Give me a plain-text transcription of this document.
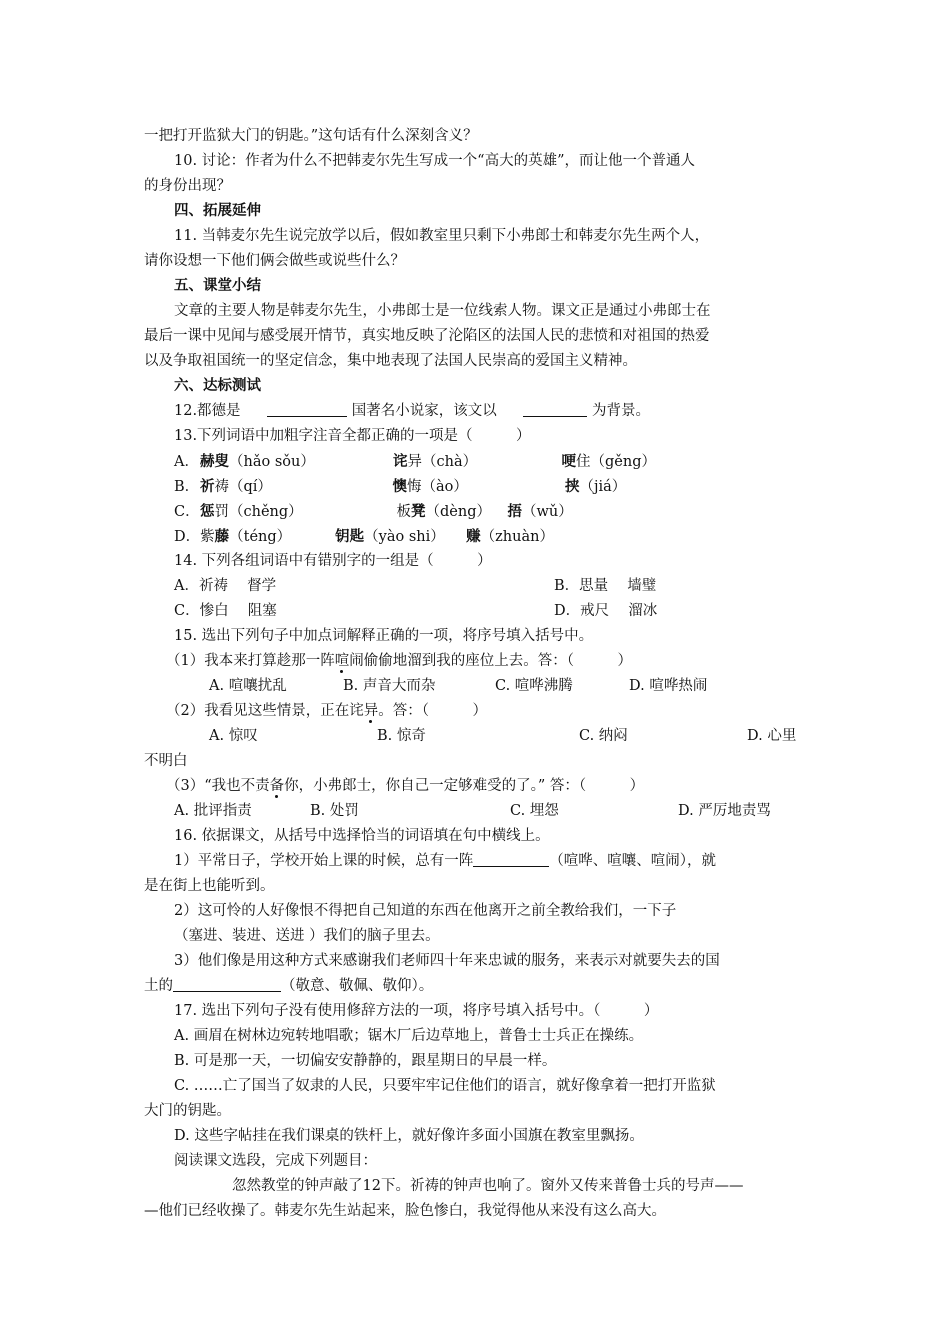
一把打开监狱大门的钥匙。”这句话有什么深刻含义？
10. 讨论：作者为什么不把韩麦尔先生写成一个“高大的英雄”，而让他一个普通人
的身份出现？
四、拓展延伸
11. 当韩麦尔先生说完放学以后，假如教室里只剩下小弗郎士和韩麦尔先生两个人，
请你设想一下他们俩会做些或说些什么？
五、课堂小结
文章的主要人物是韩麦尔先生，小弗郎士是一位线索人物。课文正是通过小弗郎士在
最后一课中见闻与感受展开情节，真实地反映了沦陷区的法国人民的悲愤和对祖国的热爱
以及争取祖国统一的坚定信念，集中地表现了法国人民崇高的爱国主义精神。
六、达标测试
12.都德是	国著名小说家，该文以	为背景。
13.下列词语中加粗字注音全都正确的一项是（　　　）
A．赫叟（hǎo sǒu）	诧异（chà）	哽住（gěng）
B．祈祷（qí）	懊悔（ào）	挟（jiá）
C．惩罚（chěng）	板凳（dèng） 捂（wǔ）
D．紫藤（téng）	钥匙（yào shi） 赚（zhuàn）
14. 下列各组词语中有错别字的一组是（　　　）
A．祈祷　 督学	B．思量　 墙璧
C．惨白　 阻塞	D．戒尺　 溜冰
15. 选出下列句子中加点词解释正确的一项，将序号填入括号中。
（1）我本来打算趁那一阵喧闹偷偷地溜到我的座位上去。答：（　　　）
A. 喧嚷扰乱	B. 声音大而杂	C. 喧哗沸腾	D. 喧哗热闹
（2）我看见这些情景，正在诧异。答：（　　　）
A. 惊叹	B. 惊奇	C. 纳闷	D. 心里
不明白
（3）“我也不责备你，小弗郎士，你自己一定够难受的了。” 答：（　　　）
A. 批评指责	B. 处罚	C. 埋怨	D. 严厉地责骂
16. 依据课文，从括号中选择恰当的词语填在句中横线上。
1）平常日子，学校开始上课的时候，总有一阵	（喧哗、喧嚷、喧闹），就
是在街上也能听到。
2）这可怜的人好像恨不得把自己知道的东西在他离开之前全教给我们，一下子
（塞进、装进、送进 ）我们的脑子里去。
3）他们像是用这种方式来感谢我们老师四十年来忠诚的服务，来表示对就要失去的国
土的	（敬意、敬佩、敬仰）。
17. 选出下列句子没有使用修辞方法的一项，将序号填入括号中。（　　　）
A. 画眉在树林边宛转地唱歌；锯木厂后边草地上，普鲁士士兵正在操练。
B. 可是那一天，一切偏安安静静的，跟星期日的早晨一样。
C. ……亡了国当了奴隶的人民，只要牢牢记住他们的语言，就好像拿着一把打开监狱
大门的钥匙。
D. 这些字帖挂在我们课桌的铁杆上，就好像许多面小国旗在教室里飘扬。
阅读课文选段，完成下列题目：
忽然教堂的钟声敲了12下。祈祷的钟声也响了。窗外又传来普鲁士兵的号声——
—他们已经收操了。韩麦尔先生站起来，脸色惨白，我觉得他从来没有这么高大。
